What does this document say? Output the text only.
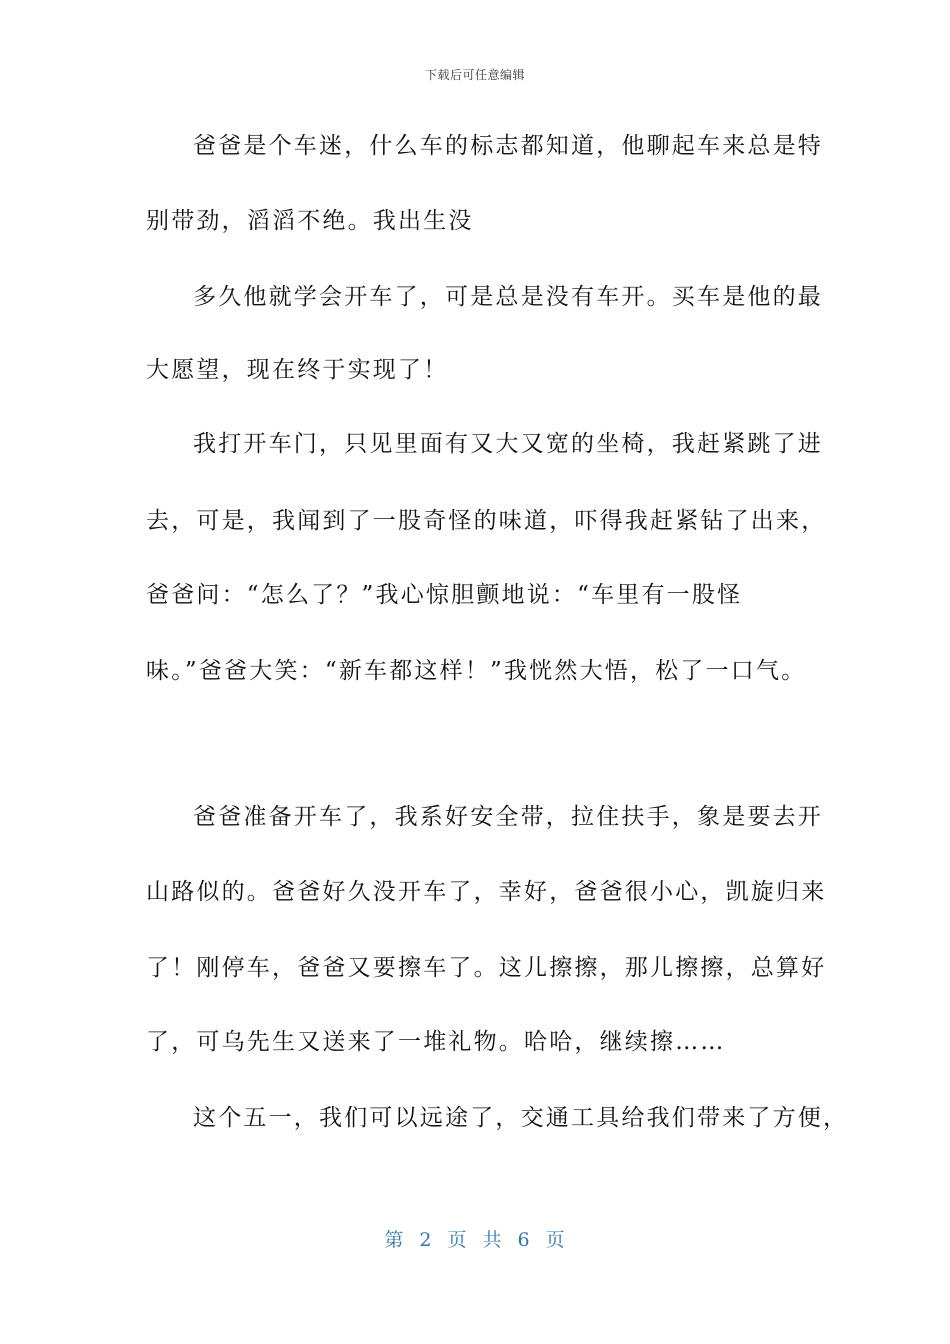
下载后可任意编辑
爸爸是个车迷，什么车的标志都知道，他聊起车来总是特
别带劲，滔滔不绝。我出生没
多久他就学会开车了，可是总是没有车开。买车是他的最
大愿望，现在终于实现了！
我打开车门，只见里面有又大又宽的坐椅，我赶紧跳了进
去，可是，我闻到了一股奇怪的味道，吓得我赶紧钻了出来，
爸爸问：“怎么了？”我心惊胆颤地说：“车里有一股怪
味。”爸爸大笑：“新车都这样！”我恍然大悟，松了一口气。
爸爸准备开车了，我系好安全带，拉住扶手，象是要去开
山路似的。爸爸好久没开车了，幸好，爸爸很小心，凯旋归来
了！刚停车，爸爸又要擦车了。这儿擦擦，那儿擦擦，总算好
了，可乌先生又送来了一堆礼物。哈哈，继续擦……
这个五一，我们可以远途了，交通工具给我们带来了方便，
第 2 页 共 6 页
